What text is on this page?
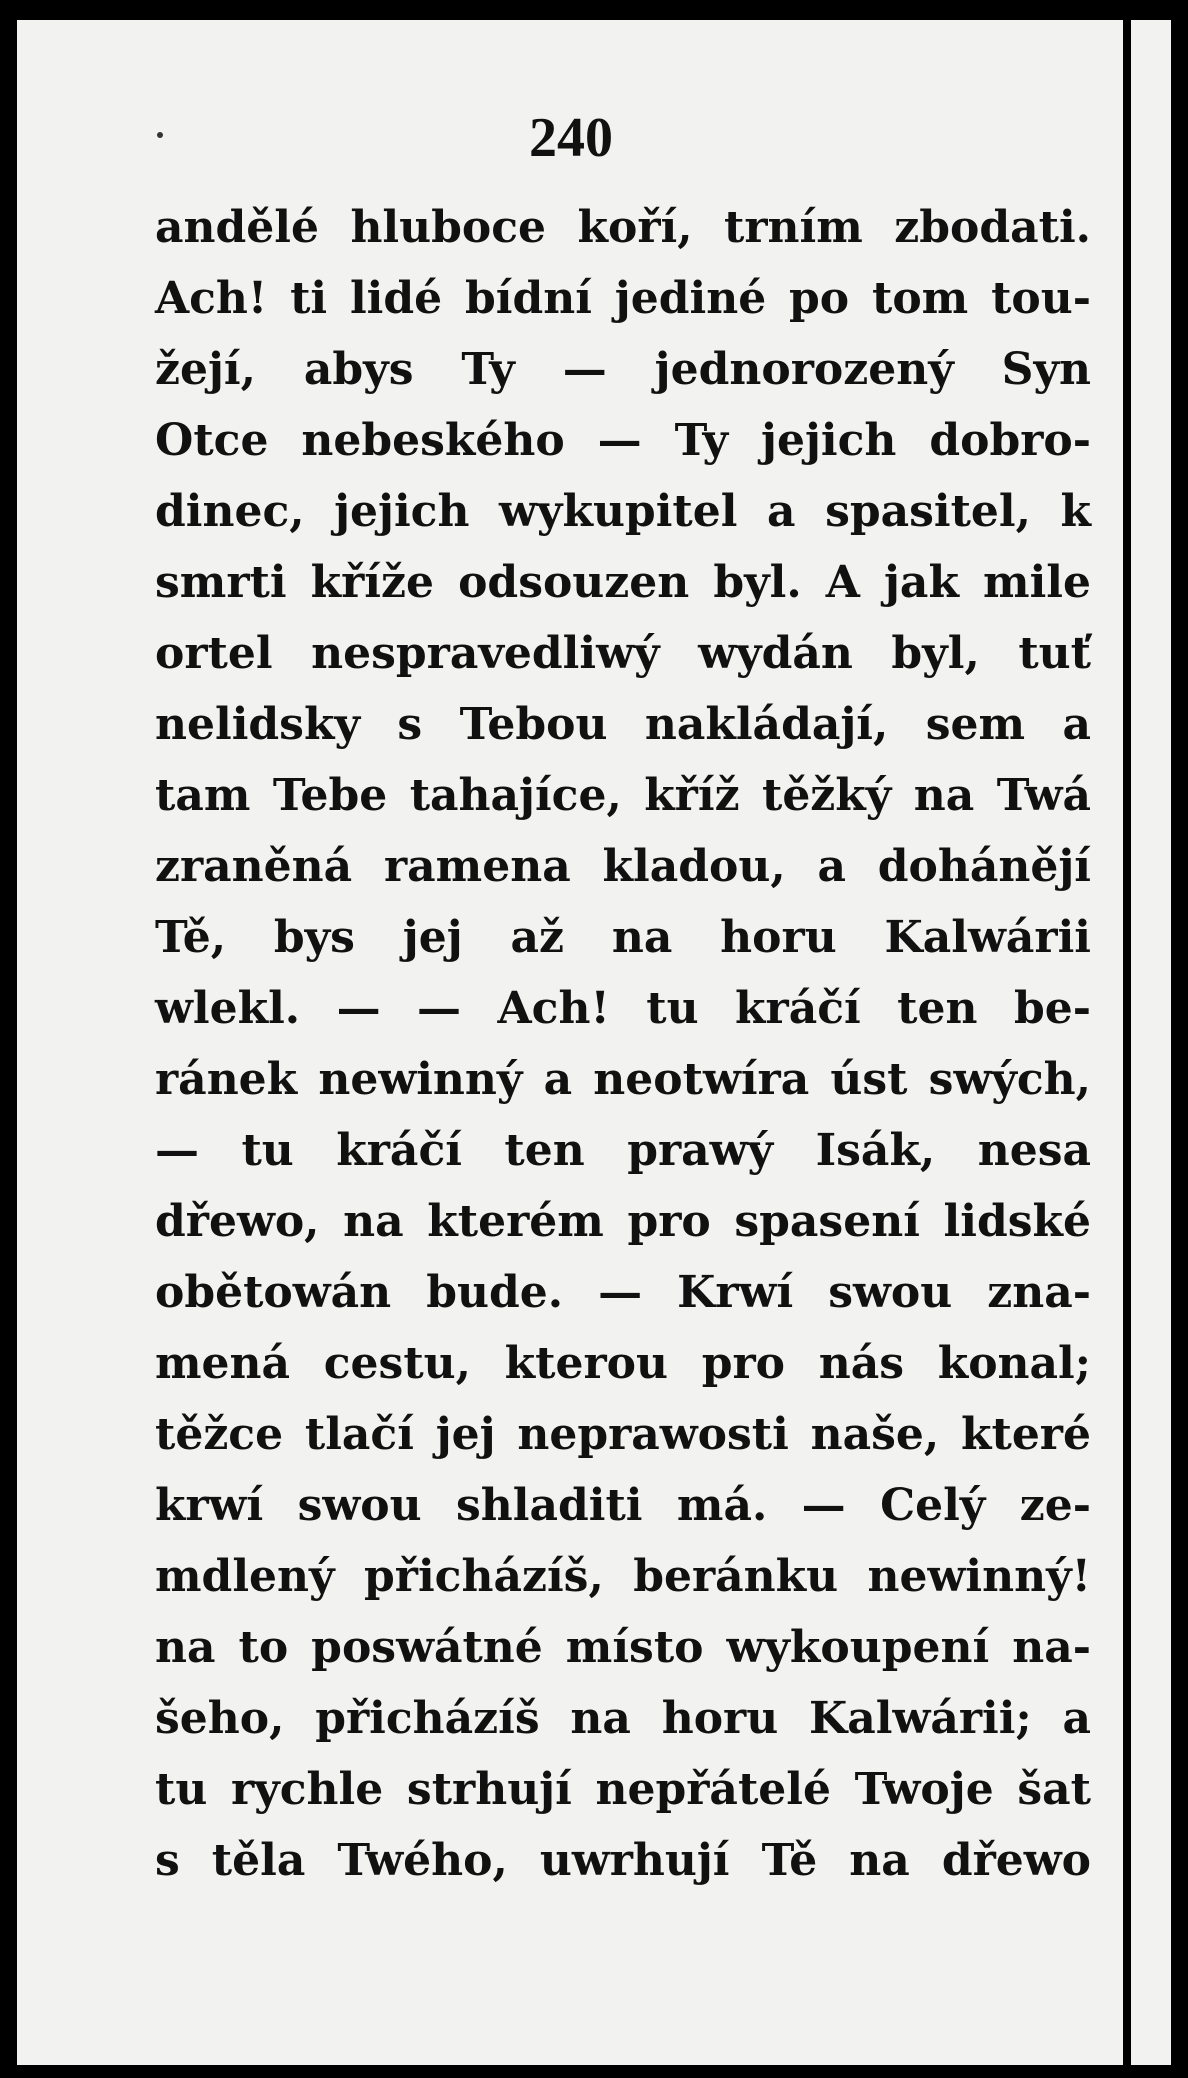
240
andělé hluboce koří, trním zbodati.
Ach! ti lidé bídní jediné po tom tou-
žejí, abys Ty — jednorozený Syn
Otce nebeského — Ty jejich dobro-
dinec, jejich wykupitel a spasitel, k
smrti kříže odsouzen byl. A jak mile
ortel nespravedliwý wydán byl, tuť
nelidsky s Tebou nakládají, sem a
tam Tebe tahajíce, kříž těžký na Twá
zraněná ramena kladou, a dohánějí
Tě, bys jej až na horu Kalwárii
wlekl. — — Ach! tu kráčí ten be-
ránek newinný a neotwíra úst swých,
— tu kráčí ten prawý Isák, nesa
dřewo, na kterém pro spasení lidské
obětowán bude. — Krwí swou zna-
mená cestu, kterou pro nás konal;
těžce tlačí jej neprawosti naše, které
krwí swou shladiti má. — Celý ze-
mdlený přicházíš, beránku newinný!
na to poswátné místo wykoupení na-
šeho, přicházíš na horu Kalwárii; a
tu rychle strhují nepřátelé Twoje šat
s těla Twého, uwrhují Tě na dřewo
